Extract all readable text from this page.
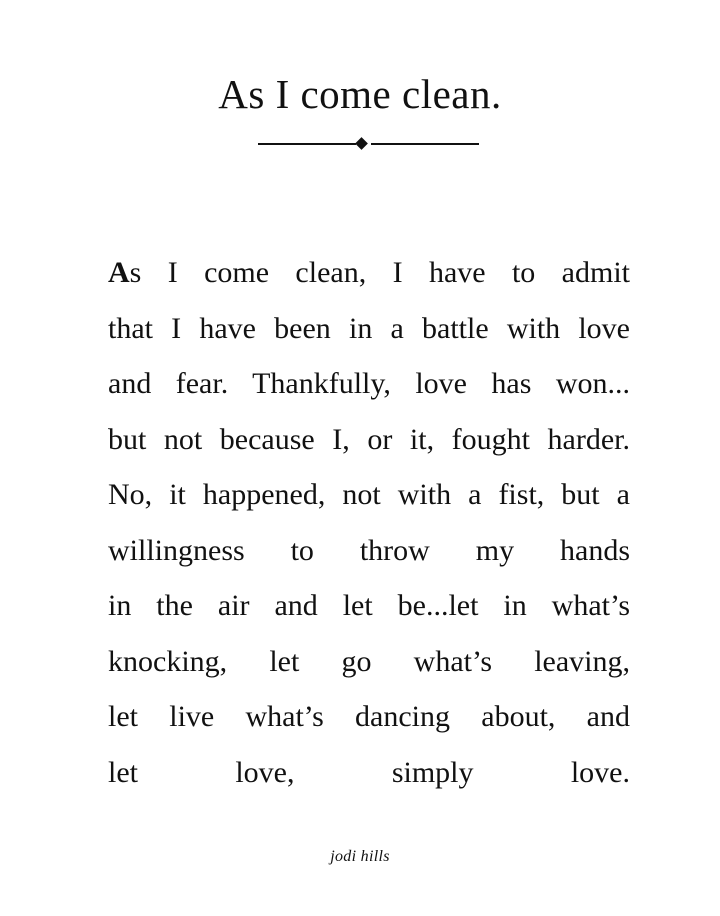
As I come clean.
As I come clean, I have to admit
that I have been in a battle with love
and fear. Thankfully, love has won...
but not because I, or it, fought harder.
No, it happened, not with a fist, but a
willingness to throw my hands
in the air and let be...let in what’s
knocking, let go what’s leaving,
let live what’s dancing about, and
let love, simply love.
jodi hills
